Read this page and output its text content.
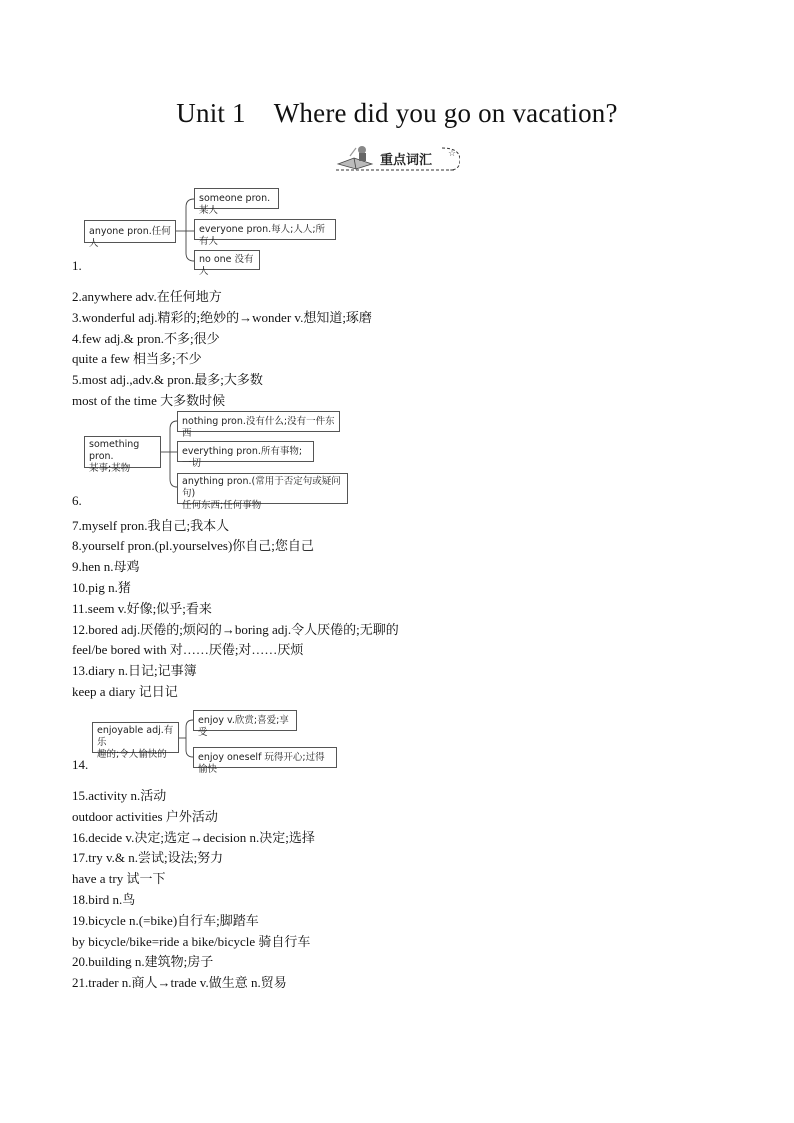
Unit 1 Where did you go on vacation?
☆
重点词汇
anyone pron.任何人
someone pron.某人
everyone pron.每人;人人;所有人
no one 没有人
1.
2.anywhere adv.在任何地方
3.wonderful adj.精彩的;绝妙的→wonder v.想知道;琢磨
4.few adj.& pron.不多;很少
quite a few 相当多;不少
5.most adj.,adv.& pron.最多;大多数
most of the time 大多数时候
something pron.
某事;某物
nothing pron.没有什么;没有一件东西
everything pron.所有事物;一切
anything pron.(常用于否定句或疑问句)
任何东西;任何事物
6.
7.myself pron.我自己;我本人
8.yourself pron.(pl.yourselves)你自己;您自己
9.hen n.母鸡
10.pig n.猪
11.seem v.好像;似乎;看来
12.bored adj.厌倦的;烦闷的→boring adj.令人厌倦的;无聊的
feel/be bored with 对……厌倦;对……厌烦
13.diary n.日记;记事簿
keep a diary 记日记
enjoyable adj.有乐
趣的;令人愉快的
enjoy v.欣赏;喜爱;享受
enjoy oneself 玩得开心;过得愉快
14.
15.activity n.活动
outdoor activities 户外活动
16.decide v.决定;选定→decision n.决定;选择
17.try v.& n.尝试;设法;努力
have a try 试一下
18.bird n.鸟
19.bicycle n.(=bike)自行车;脚踏车
by bicycle/bike=ride a bike/bicycle 骑自行车
20.building n.建筑物;房子
21.trader n.商人→trade v.做生意 n.贸易
